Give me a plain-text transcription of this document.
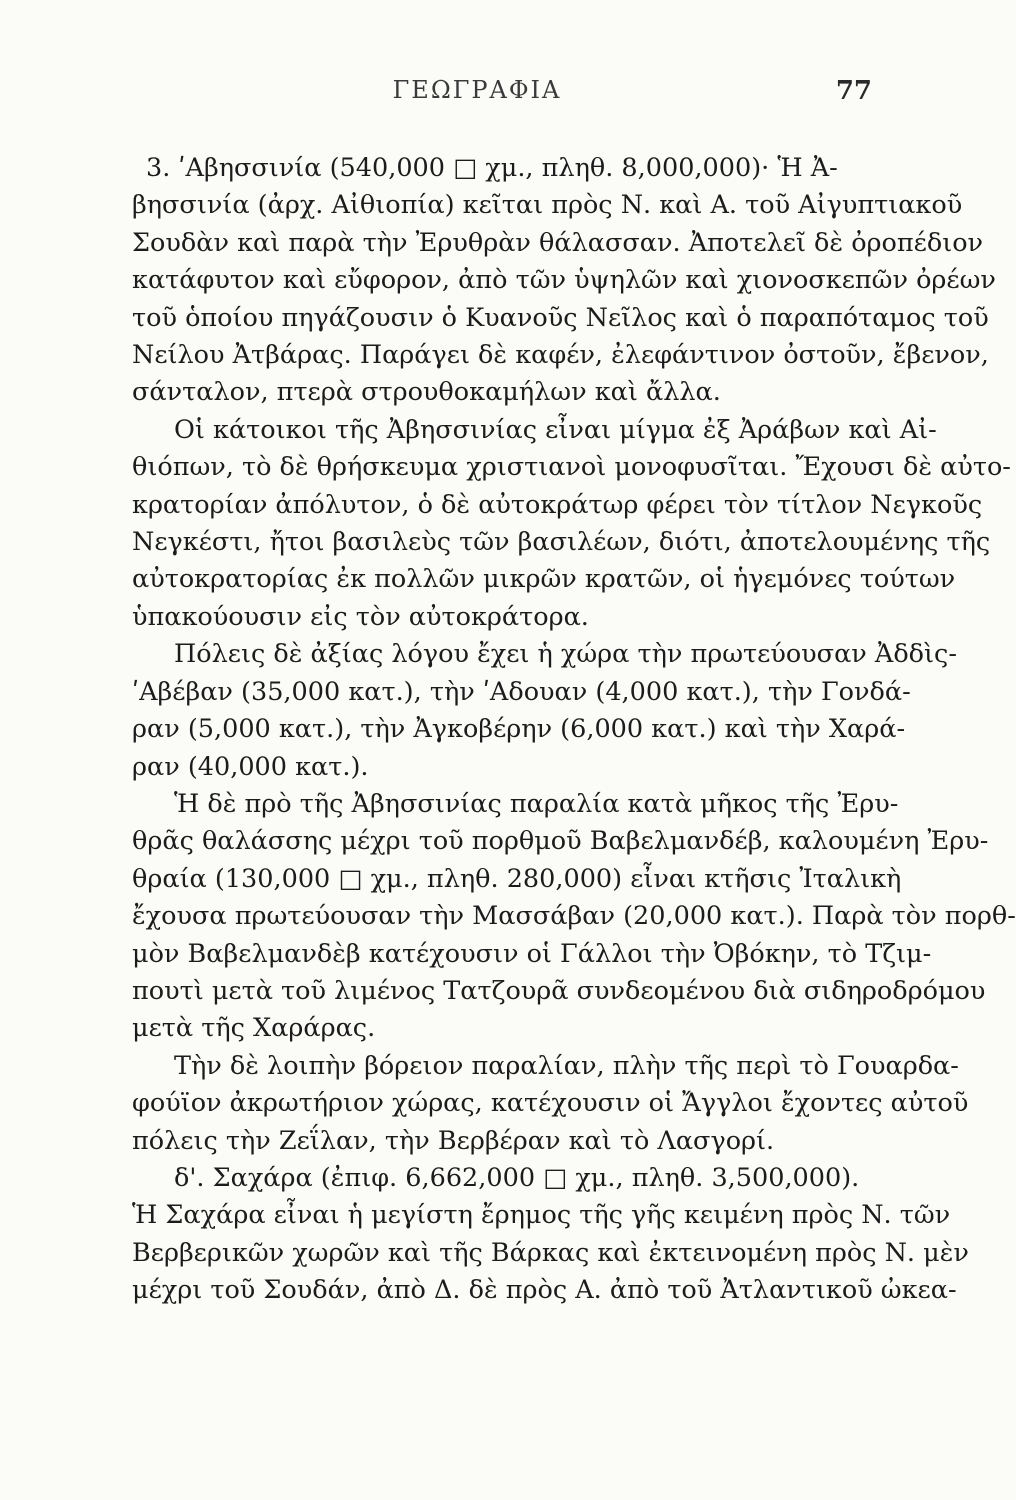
ΓΕΩΓΡΑΦΙΑ	77
3. ʹΑβησσινία (540,000 □ χμ., πληθ. 8,000,000)· Ἡ Ἀ-
βησσινία (ἀρχ. Αἰθιοπία) κεῖται πρὸς Ν. καὶ Α. τοῦ Αἰγυπτιακοῦ
Σουδὰν καὶ παρὰ τὴν Ἐρυθρὰν θάλασσαν. Ἀποτελεῖ δὲ ὀροπέδιον
κατάφυτον καὶ εὔφορον, ἀπὸ τῶν ὑψηλῶν καὶ χιονοσκεπῶν ὀρέων
τοῦ ὁποίου πηγάζουσιν ὁ Κυανοῦς Νεῖλος καὶ ὁ παραπόταμος τοῦ
Νείλου Ἀτβάρας. Παράγει δὲ καφέν, ἐλεφάντινον ὀστοῦν, ἔβενον,
σάνταλον, πτερὰ στρουθοκαμήλων καὶ ἄλλα.
Οἱ κάτοικοι τῆς Ἀβησσινίας εἶναι μίγμα ἐξ Ἀράβων καὶ Αἰ-
θιόπων, τὸ δὲ θρήσκευμα χριστιανοὶ μονοφυσῖται. Ἔχουσι δὲ αὐτο-
κρατορίαν ἀπόλυτον, ὁ δὲ αὐτοκράτωρ φέρει τὸν τίτλον Νεγκοῦς
Νεγκέστι, ἤτοι βασιλεὺς τῶν βασιλέων, διότι, ἀποτελουμένης τῆς
αὐτοκρατορίας ἐκ πολλῶν μικρῶν κρατῶν, οἱ ἡγεμόνες τούτων
ὑπακούουσιν εἰς τὸν αὐτοκράτορα.
Πόλεις δὲ ἀξίας λόγου ἔχει ἡ χώρα τὴν πρωτεύουσαν Ἀδδὶς-
ʹΑβέβαν (35,000 κατ.), τὴν ʹΑδουαν (4,000 κατ.), τὴν Γονδά-
ραν (5,000 κατ.), τὴν Ἀγκοβέρην (6,000 κατ.) καὶ τὴν Χαρά-
ραν (40,000 κατ.).
Ἡ δὲ πρὸ τῆς Ἀβησσινίας παραλία κατὰ μῆκος τῆς Ἐρυ-
θρᾶς θαλάσσης μέχρι τοῦ πορθμοῦ Βαβελμανδέβ, καλουμένη Ἐρυ-
θραία (130,000 □ χμ., πληθ. 280,000) εἶναι κτῆσις Ἰταλικὴ
ἔχουσα πρωτεύουσαν τὴν Μασσάβαν (20,000 κατ.). Παρὰ τὸν πορθ-
μὸν Βαβελμανδὲβ κατέχουσιν οἱ Γάλλοι τὴν Ὀβόκην, τὸ Τζιμ-
πουτὶ μετὰ τοῦ λιμένος Τατζουρᾶ συνδεομένου διὰ σιδηροδρόμου
μετὰ τῆς Χαράρας.
Τὴν δὲ λοιπὴν βόρειον παραλίαν, πλὴν τῆς περὶ τὸ Γουαρδα-
φούϊον ἀκρωτήριον χώρας, κατέχουσιν οἱ Ἄγγλοι ἔχοντες αὐτοῦ
πόλεις τὴν Ζεΐλαν, τὴν Βερβέραν καὶ τὸ Λασγορί.
δ'. Σαχάρα (ἐπιφ. 6,662,000 □ χμ., πληθ. 3,500,000).
Ἡ Σαχάρα εἶναι ἡ μεγίστη ἔρημος τῆς γῆς κειμένη πρὸς Ν. τῶν
Βερβερικῶν χωρῶν καὶ τῆς Βάρκας καὶ ἐκτεινομένη πρὸς Ν. μὲν
μέχρι τοῦ Σουδάν, ἀπὸ Δ. δὲ πρὸς Α. ἀπὸ τοῦ Ἀτλαντικοῦ ὠκεα-
